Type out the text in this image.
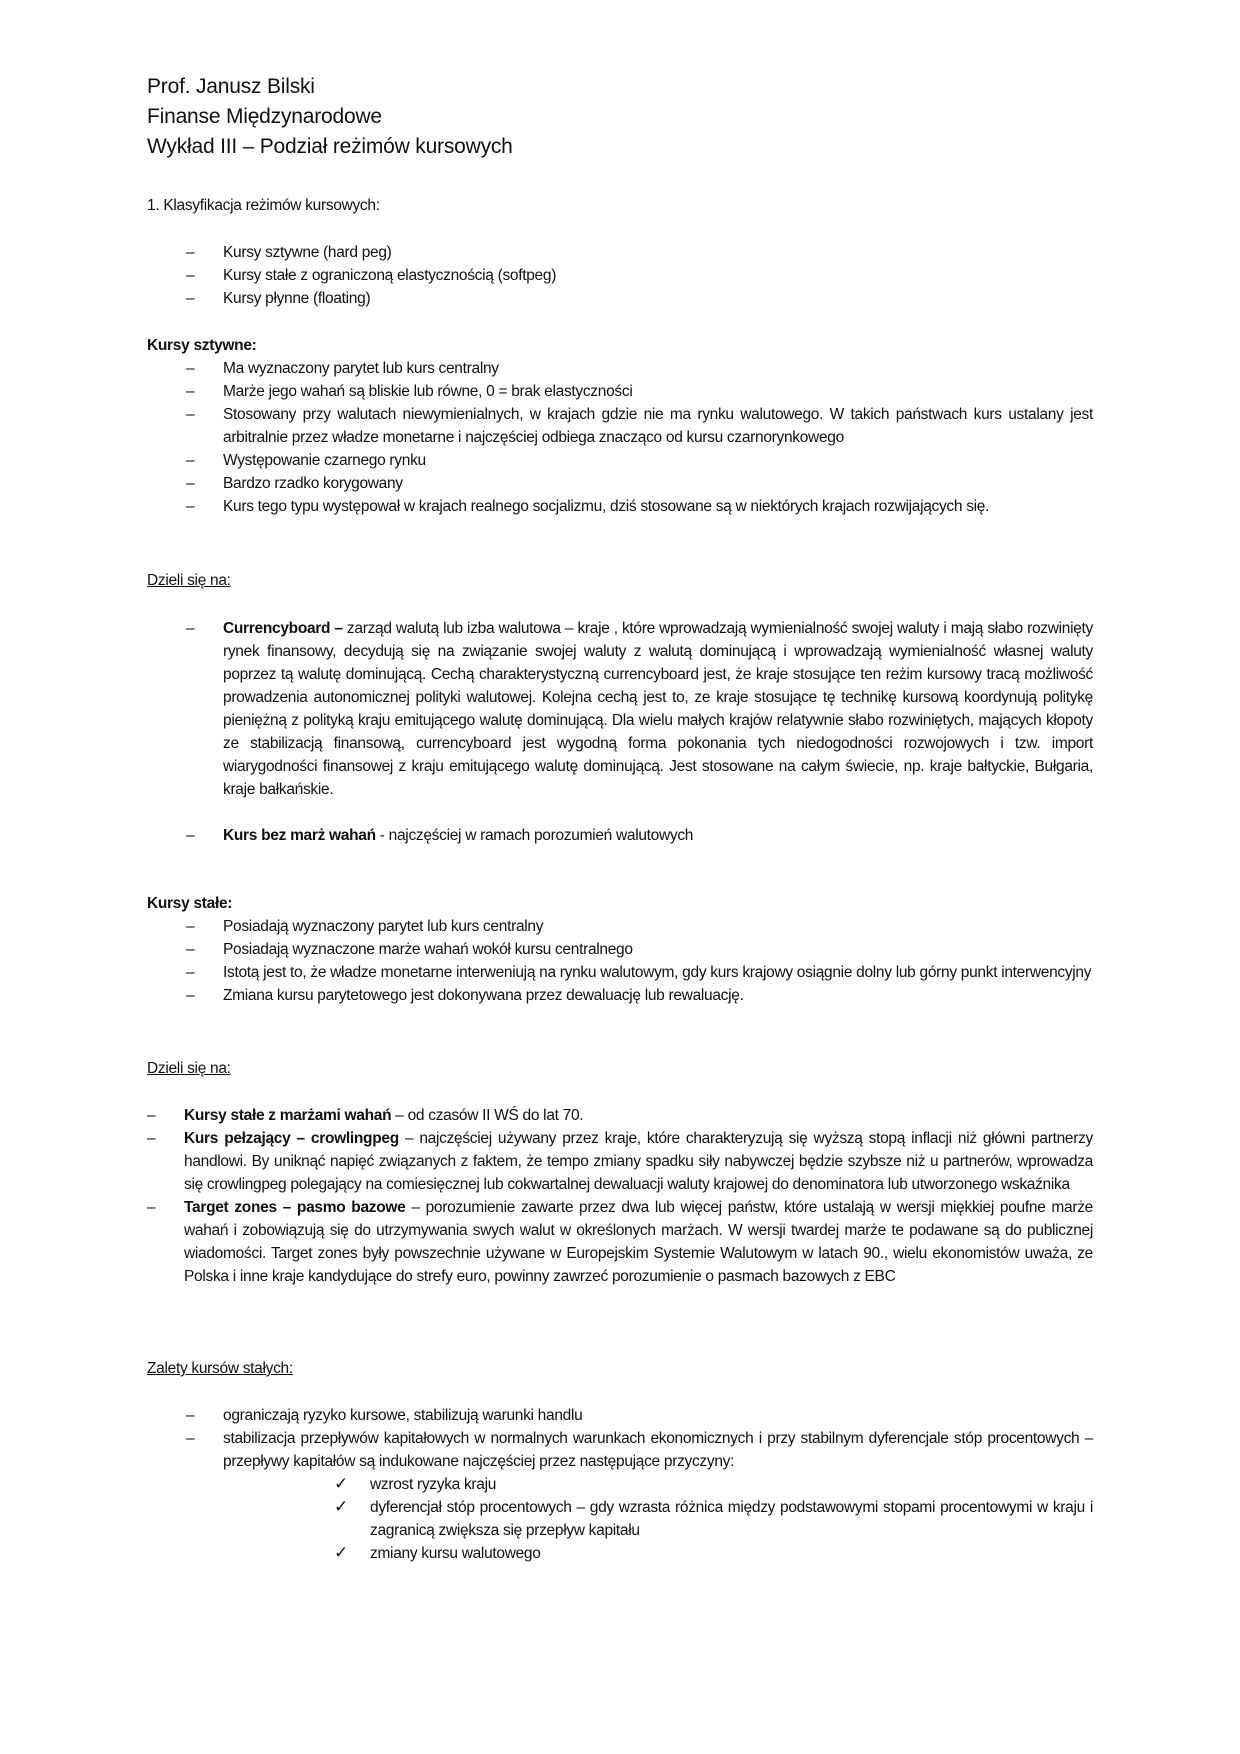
Prof. Janusz Bilski
Finanse Międzynarodowe
Wykład III – Podział reżimów kursowych
1. Klasyfikacja reżimów kursowych:
– Kursy sztywne (hard peg)
– Kursy stałe z ograniczoną elastycznością (softpeg)
– Kursy płynne (floating)
Kursy sztywne:
– Ma wyznaczony parytet lub kurs centralny
– Marże jego wahań są bliskie lub równe, 0 = brak elastyczności
– Stosowany przy walutach niewymienialnych, w krajach gdzie nie ma rynku walutowego. W takich państwach kurs ustalany jest arbitralnie przez władze monetarne i najczęściej odbiega znacząco od kursu czarnorynkowego
– Występowanie czarnego rynku
– Bardzo rzadko korygowany
– Kurs tego typu występował w krajach realnego socjalizmu, dziś stosowane są w niektórych krajach rozwijających się.
Dzieli się na:
– Currencyboard – zarząd walutą lub izba walutowa – kraje , które wprowadzają wymienialność swojej waluty i mają słabo rozwinięty rynek finansowy, decydują się na związanie swojej waluty z walutą dominującą i wprowadzają wymienialność własnej waluty poprzez tą walutę dominującą. Cechą charakterystyczną currencyboard jest, że kraje stosujące ten reżim kursowy tracą możliwość prowadzenia autonomicznej polityki walutowej. Kolejna cechą jest to, ze kraje stosujące tę technikę kursową koordynują politykę pieniężną z polityką kraju emitującego walutę dominującą. Dla wielu małych krajów relatywnie słabo rozwiniętych, mających kłopoty ze stabilizacją finansową, currencyboard jest wygodną forma pokonania tych niedogodności rozwojowych i tzw. import wiarygodności finansowej z kraju emitującego walutę dominującą. Jest stosowane na całym świecie, np. kraje bałtyckie, Bułgaria, kraje bałkańskie.
– Kurs bez marż wahań - najczęściej w ramach porozumień walutowych
Kursy stałe:
– Posiadają wyznaczony parytet lub kurs centralny
– Posiadają wyznaczone marże wahań wokół kursu centralnego
– Istotą jest to, że władze monetarne interweniują na rynku walutowym, gdy kurs krajowy osiągnie dolny lub górny punkt interwencyjny
– Zmiana kursu parytetowego jest dokonywana przez dewaluację lub rewaluację.
Dzieli się na:
– Kursy stałe z marżami wahań – od czasów II WŚ do lat 70.
– Kurs pełzający – crowlingpeg – najczęściej używany przez kraje, które charakteryzują się wyższą stopą inflacji niż główni partnerzy handlowi. By uniknąć napięć związanych z faktem, że tempo zmiany spadku siły nabywczej będzie szybsze niż u partnerów, wprowadza się crowlingpeg polegający na comiesięcznej lub cokwartalnej dewaluacji waluty krajowej do denominatora lub utworzonego wskaźnika
– Target zones – pasmo bazowe – porozumienie zawarte przez dwa lub więcej państw, które ustalają w wersji miękkiej poufne marże wahań i zobowiązują się do utrzymywania swych walut w określonych marżach. W wersji twardej marże te podawane są do publicznej wiadomości. Target zones były powszechnie używane w Europejskim Systemie Walutowym w latach 90., wielu ekonomistów uważa, ze Polska i inne kraje kandydujące do strefy euro, powinny zawrzeć porozumienie o pasmach bazowych z EBC
Zalety kursów stałych:
– ograniczają ryzyko kursowe, stabilizują warunki handlu
– stabilizacja przepływów kapitałowych w normalnych warunkach ekonomicznych i przy stabilnym dyferencjale stóp procentowych – przepływy kapitałów są indukowane najczęściej przez następujące przyczyny:
✓ wzrost ryzyka kraju
✓ dyferencjał stóp procentowych – gdy wzrasta różnica między podstawowymi stopami procentowymi w kraju i zagranicą zwiększa się przepływ kapitału
✓ zmiany kursu walutowego
